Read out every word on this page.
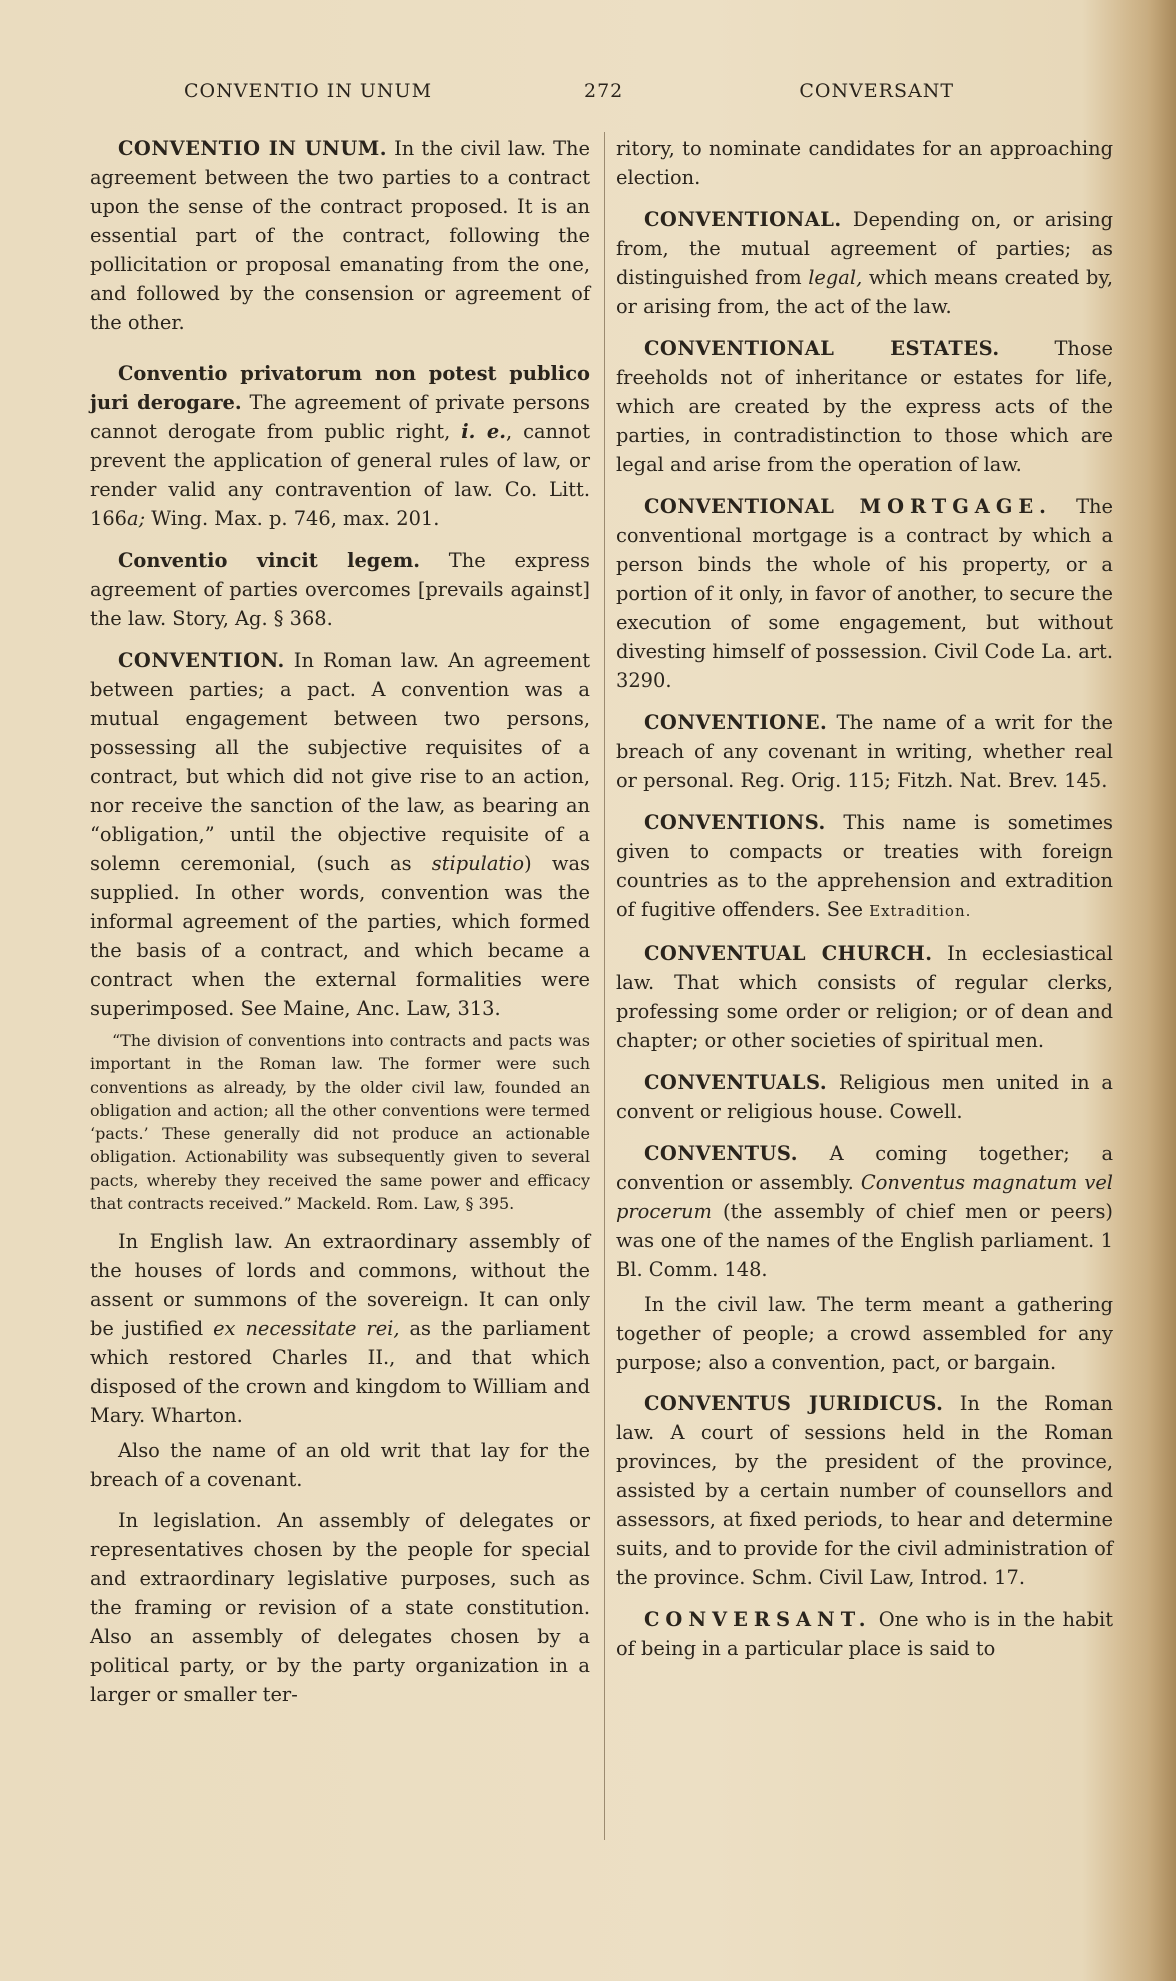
CONVENTIO IN UNUM	272	CONVERSANT

CONVENTIO IN UNUM. In the civil law. The agreement between the two parties to a contract upon the sense of the contract proposed. It is an essential part of the contract, following the pollicitation or proposal emanating from the one, and followed by the consension or agreement of the other.

Conventio privatorum non potest publico juri derogare. The agreement of private persons cannot derogate from public right, i. e., cannot prevent the application of general rules of law, or render valid any contravention of law. Co. Litt. 166a; Wing. Max. p. 746, max. 201.

Conventio vincit legem. The express agreement of parties overcomes [prevails against] the law. Story, Ag. § 368.

CONVENTION. In Roman law. An agreement between parties; a pact. A convention was a mutual engagement between two persons, possessing all the subjective requisites of a contract, but which did not give rise to an action, nor receive the sanction of the law, as bearing an “obligation,” until the objective requisite of a solemn ceremonial, (such as stipulatio) was supplied. In other words, convention was the informal agreement of the parties, which formed the basis of a contract, and which became a contract when the external formalities were superimposed. See Maine, Anc. Law, 313.

“The division of conventions into contracts and pacts was important in the Roman law. The former were such conventions as already, by the older civil law, founded an obligation and action; all the other conventions were termed ‘pacts.’ These generally did not produce an actionable obligation. Actionability was subsequently given to several pacts, whereby they received the same power and efficacy that contracts received.” Mackeld. Rom. Law, § 395.

In English law. An extraordinary assembly of the houses of lords and commons, without the assent or summons of the sovereign. It can only be justified ex necessitate rei, as the parliament which restored Charles II., and that which disposed of the crown and kingdom to William and Mary. Wharton.

Also the name of an old writ that lay for the breach of a covenant.

In legislation. An assembly of delegates or representatives chosen by the people for special and extraordinary legislative purposes, such as the framing or revision of a state constitution. Also an assembly of delegates chosen by a political party, or by the party organization in a larger or smaller ter-

ritory, to nominate candidates for an approaching election.

CONVENTIONAL. Depending on, or arising from, the mutual agreement of parties; as distinguished from legal, which means created by, or arising from, the act of the law.

CONVENTIONAL ESTATES. Those freeholds not of inheritance or estates for life, which are created by the express acts of the parties, in contradistinction to those which are legal and arise from the operation of law.

CONVENTIONAL MORTGAGE. The conventional mortgage is a contract by which a person binds the whole of his property, or a portion of it only, in favor of another, to secure the execution of some engagement, but without divesting himself of possession. Civil Code La. art. 3290.

CONVENTIONE. The name of a writ for the breach of any covenant in writing, whether real or personal. Reg. Orig. 115; Fitzh. Nat. Brev. 145.

CONVENTIONS. This name is sometimes given to compacts or treaties with foreign countries as to the apprehension and extradition of fugitive offenders. See Extradition.

CONVENTUAL CHURCH. In ecclesiastical law. That which consists of regular clerks, professing some order or religion; or of dean and chapter; or other societies of spiritual men.

CONVENTUALS. Religious men united in a convent or religious house. Cowell.

CONVENTUS. A coming together; a convention or assembly. Conventus magnatum vel procerum (the assembly of chief men or peers) was one of the names of the English parliament. 1 Bl. Comm. 148.

In the civil law. The term meant a gathering together of people; a crowd assembled for any purpose; also a convention, pact, or bargain.

CONVENTUS JURIDICUS. In the Roman law. A court of sessions held in the Roman provinces, by the president of the province, assisted by a certain number of counsellors and assessors, at fixed periods, to hear and determine suits, and to provide for the civil administration of the province. Schm. Civil Law, Introd. 17.

CONVERSANT. One who is in the habit of being in a particular place is said to
